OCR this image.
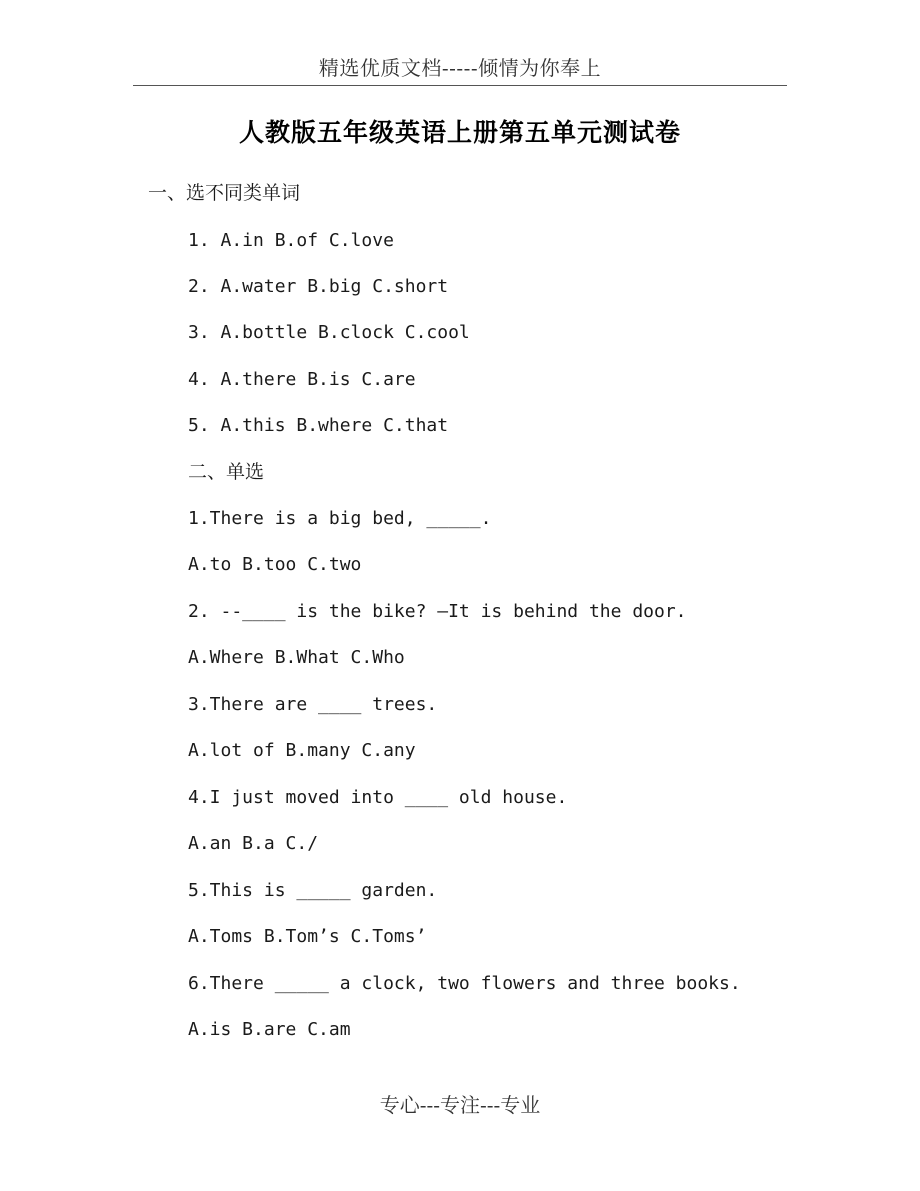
精选优质文档-----倾情为你奉上
人教版五年级英语上册第五单元测试卷
一、选不同类单词
1. A.in B.of C.love
2. A.water B.big C.short
3. A.bottle B.clock C.cool
4. A.there B.is C.are
5. A.this B.where C.that
二、单选
1.There is a big bed, _____.
A.to B.too C.two
2. --____ is the bike? —It is behind the door.
A.Where B.What C.Who
3.There are ____ trees.
A.lot of B.many C.any
4.I just moved into ____ old house.
A.an B.a C./
5.This is _____ garden.
A.Toms B.Tom’s C.Toms’
6.There _____ a clock, two flowers and three books.
A.is B.are C.am
专心---专注---专业
